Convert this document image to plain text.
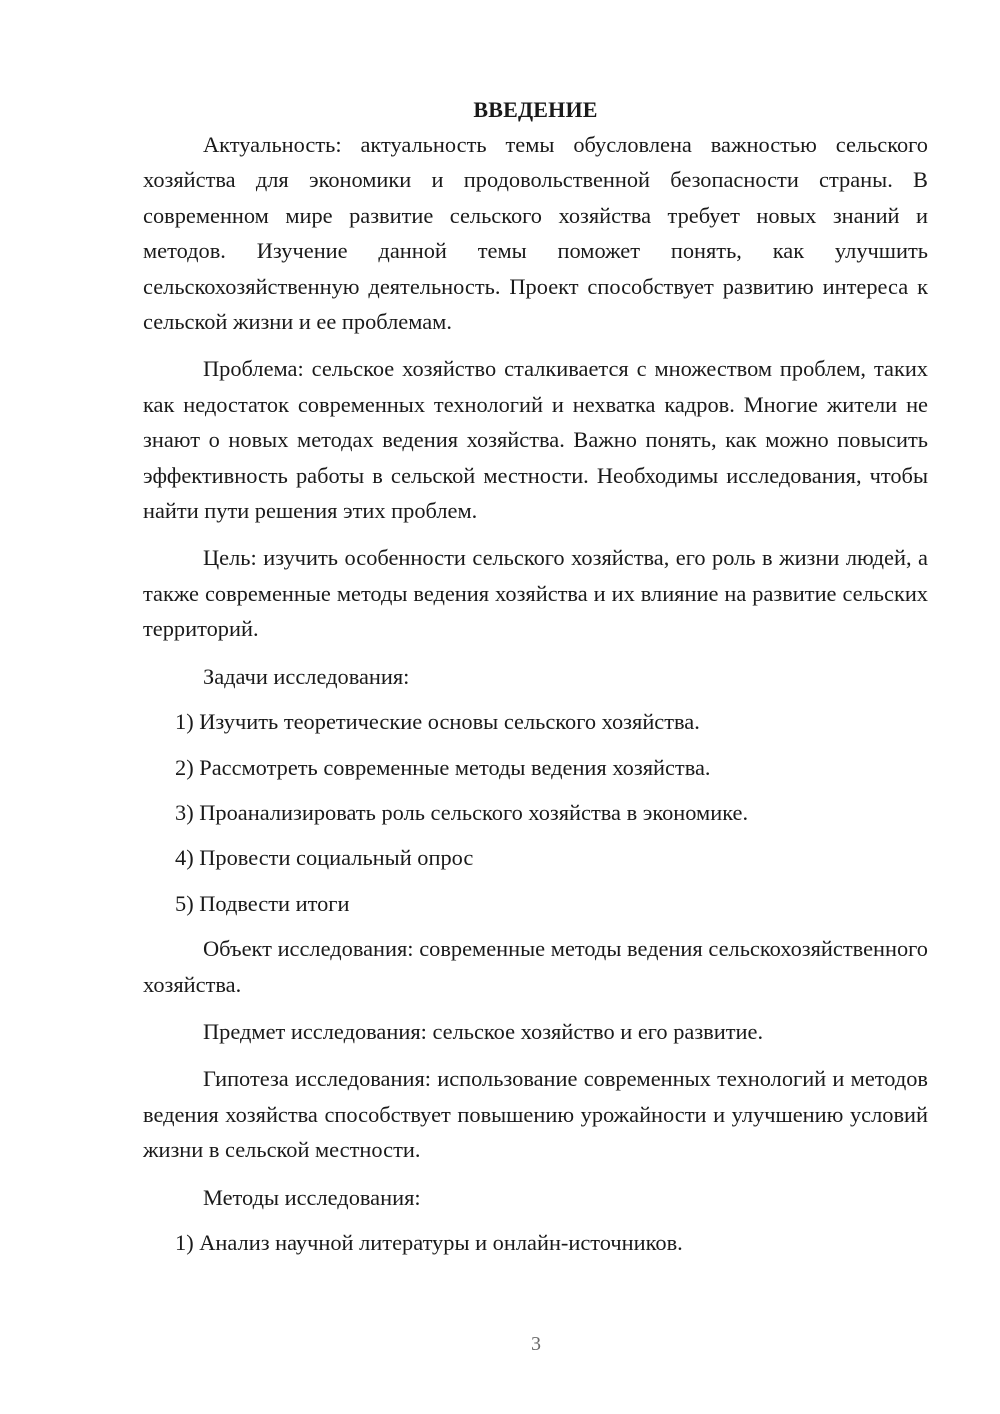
ВВЕДЕНИЕ

Актуальность: актуальность темы обусловлена важностью сельского хозяйства для экономики и продовольственной безопасности страны. В современном мире развитие сельского хозяйства требует новых знаний и методов. Изучение данной темы поможет понять, как улучшить сельскохозяйственную деятельность. Проект способствует развитию интереса к сельской жизни и ее проблемам.

Проблема: сельское хозяйство сталкивается с множеством проблем, таких как недостаток современных технологий и нехватка кадров. Многие жители не знают о новых методах ведения хозяйства. Важно понять, как можно повысить эффективность работы в сельской местности. Необходимы исследования, чтобы найти пути решения этих проблем.

Цель: изучить особенности сельского хозяйства, его роль в жизни людей, а также современные методы ведения хозяйства и их влияние на развитие сельских территорий.

Задачи исследования:
1) Изучить теоретические основы сельского хозяйства.
2) Рассмотреть современные методы ведения хозяйства.
3) Проанализировать роль сельского хозяйства в экономике.
4) Провести социальный опрос
5) Подвести итоги

Объект исследования: современные методы ведения сельскохозяйственного хозяйства.

Предмет исследования: сельское хозяйство и его развитие.

Гипотеза исследования: использование современных технологий и методов ведения хозяйства способствует повышению урожайности и улучшению условий жизни в сельской местности.

Методы исследования:
1) Анализ научной литературы и онлайн-источников.
3
